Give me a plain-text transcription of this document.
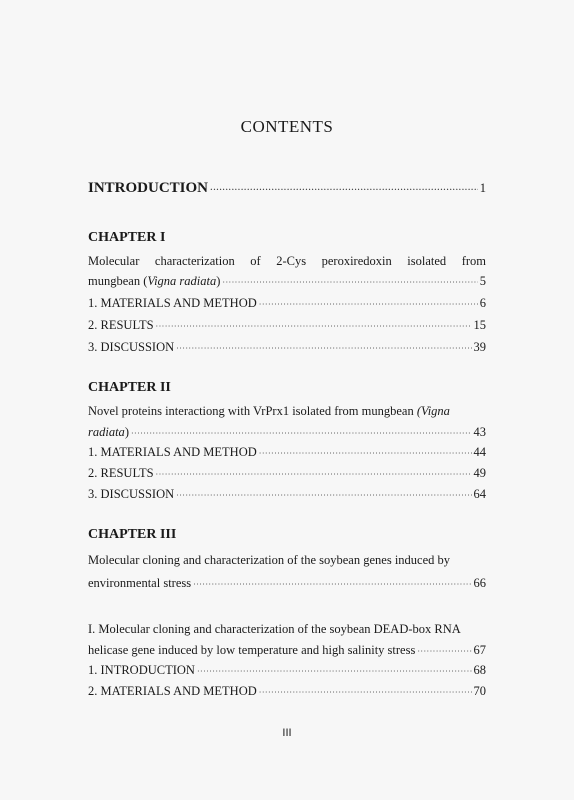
CONTENTS
INTRODUCTION ·····	1
CHAPTER I
Molecular characterization of 2-Cys peroxiredoxin isolated from
mungbean (Vigna radiata) ·····	5
1. MATERIALS AND METHOD ·····	6
2. RESULTS ·····	15
3. DISCUSSION ·····	39
CHAPTER II
Novel proteins interactiong with VrPrx1 isolated from mungbean (Vigna
radiata) ·····	43
1. MATERIALS AND METHOD ·····	44
2. RESULTS ·····	49
3. DISCUSSION ·····	64
CHAPTER III
Molecular cloning and characterization of the soybean genes induced by
environmental stress ·····	66
I. Molecular cloning and characterization of the soybean DEAD-box RNA
helicase gene induced by low temperature and high salinity stress ·····	67
1. INTRODUCTION ·····	68
2. MATERIALS AND METHOD ·····	70
III
